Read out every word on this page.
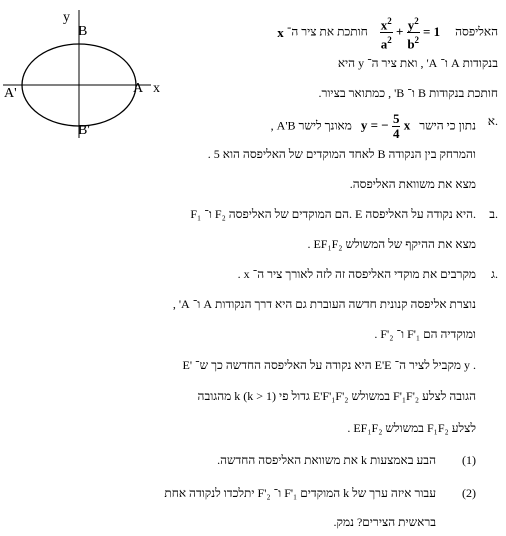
y
B
A x
A'
B'
האליפסה
$\frac{x^2}{a^2} + \frac{y^2}{b^2} = 1$    חותכת את ציר ה־ x
בנקודות A ו־ A' , ואת ציר ה־ y היא
חותכת בנקודות B ו־ B' , כמתואר בציור.
א.
נתון כי הישר   y = − $\frac{5}{4}$ x   מאונך לישר A'B ,
והמרחק בין הנקודה B לאחד המוקדים של האליפסה הוא 5 .
מצא את משוואת האליפסה.
ב.
F₁ ו־ F₂ הם המוקדים של האליפסה. E היא נקודה על האליפסה.
מצא את ההיקף של המשולש EF₁F₂ .
ג.
מקרבים את מוקדי האליפסה זה לזה לאורך ציר ה־ x .
נוצרת אליפסה קנונית חדשה העוברת גם היא דרך הנקודות A ו־ A' ,
ומוקדיה הם F'₁ ו־ F'₂ .
E' היא נקודה על האליפסה החדשה כך ש־ E'E מקביל לציר ה־ y .
הגובה לצלע F'₁F'₂ במשולש E'F'₁F'₂ גדול פי k (k > 1) מהגובה
לצלע F₁F₂ במשולש EF₁F₂ .
(1)
הבע באמצעות k את משוואת האליפסה החדשה.
(2)
עבור איזה ערך של k המוקדים F'₁ ו־ F'₂ יתלכדו לנקודה אחת
בראשית הצירים? נמק.
